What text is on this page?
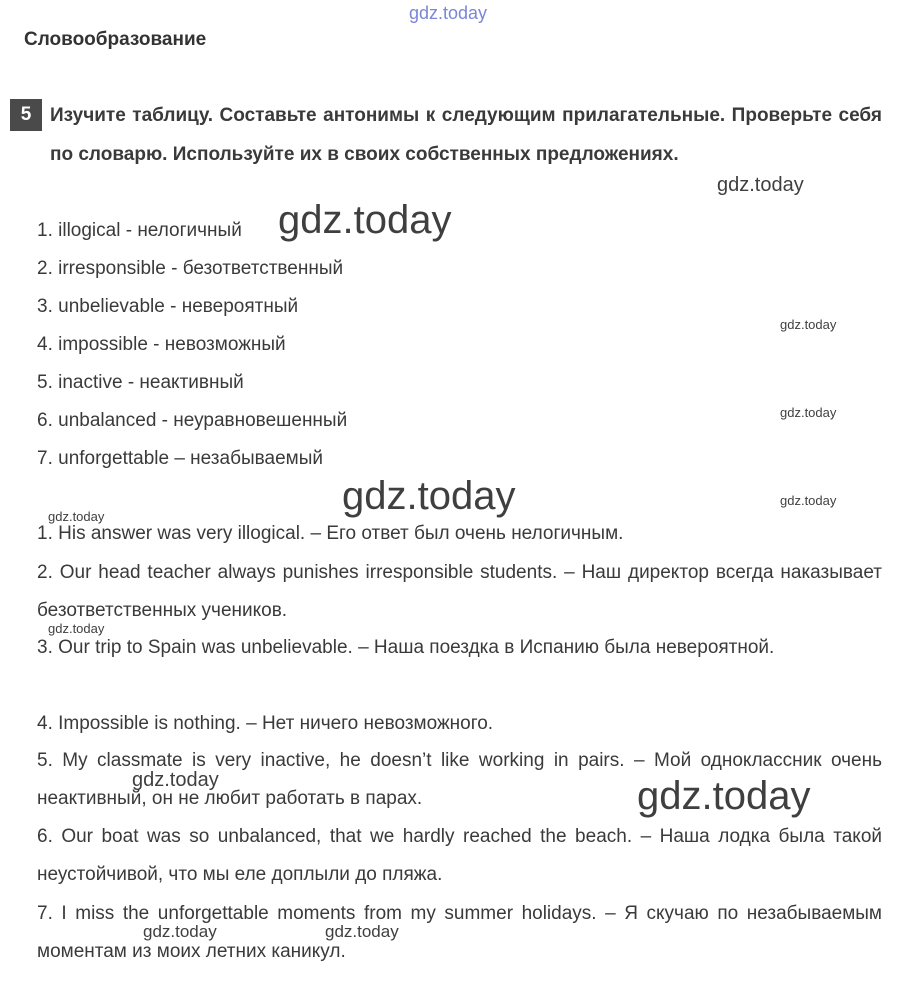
gdz.today
gdz.today
gdz.today
gdz.today
gdz.today
gdz.today	gdz.today
gdz.today
gdz.today
gdz.today	gdz.today
gdz.today	gdz.today
Словообразование
5 Изучите таблицу. Составьте антонимы к следующим прилагательные. Проверьте себя по словарю. Используйте их в своих собственных предложениях.

1. illogical - нелогичный

2. irresponsible - безответственный

3. unbelievable - невероятный

4. impossible - невозможный

5. inactive - неактивный

6. unbalanced - неуравновешенный

7. unforgettable – незабываемый

1. His answer was very illogical. – Его ответ был очень нелогичным.

2. Our head teacher always punishes irresponsible students. – Наш директор всегда наказывает безответственных учеников.

3. Our trip to Spain was unbelievable. – Наша поездка в Испанию была невероятной.

4. Impossible is nothing. – Нет ничего невозможного.

5. My classmate is very inactive, he doesn’t like working in pairs. – Мой одноклассник очень неактивный, он не любит работать в парах.

6. Our boat was so unbalanced, that we hardly reached the beach. – Наша лодка была такой неустойчивой, что мы еле доплыли до пляжа.

7. I miss the unforgettable moments from my summer holidays. – Я скучаю по незабываемым моментам из моих летних каникул.
